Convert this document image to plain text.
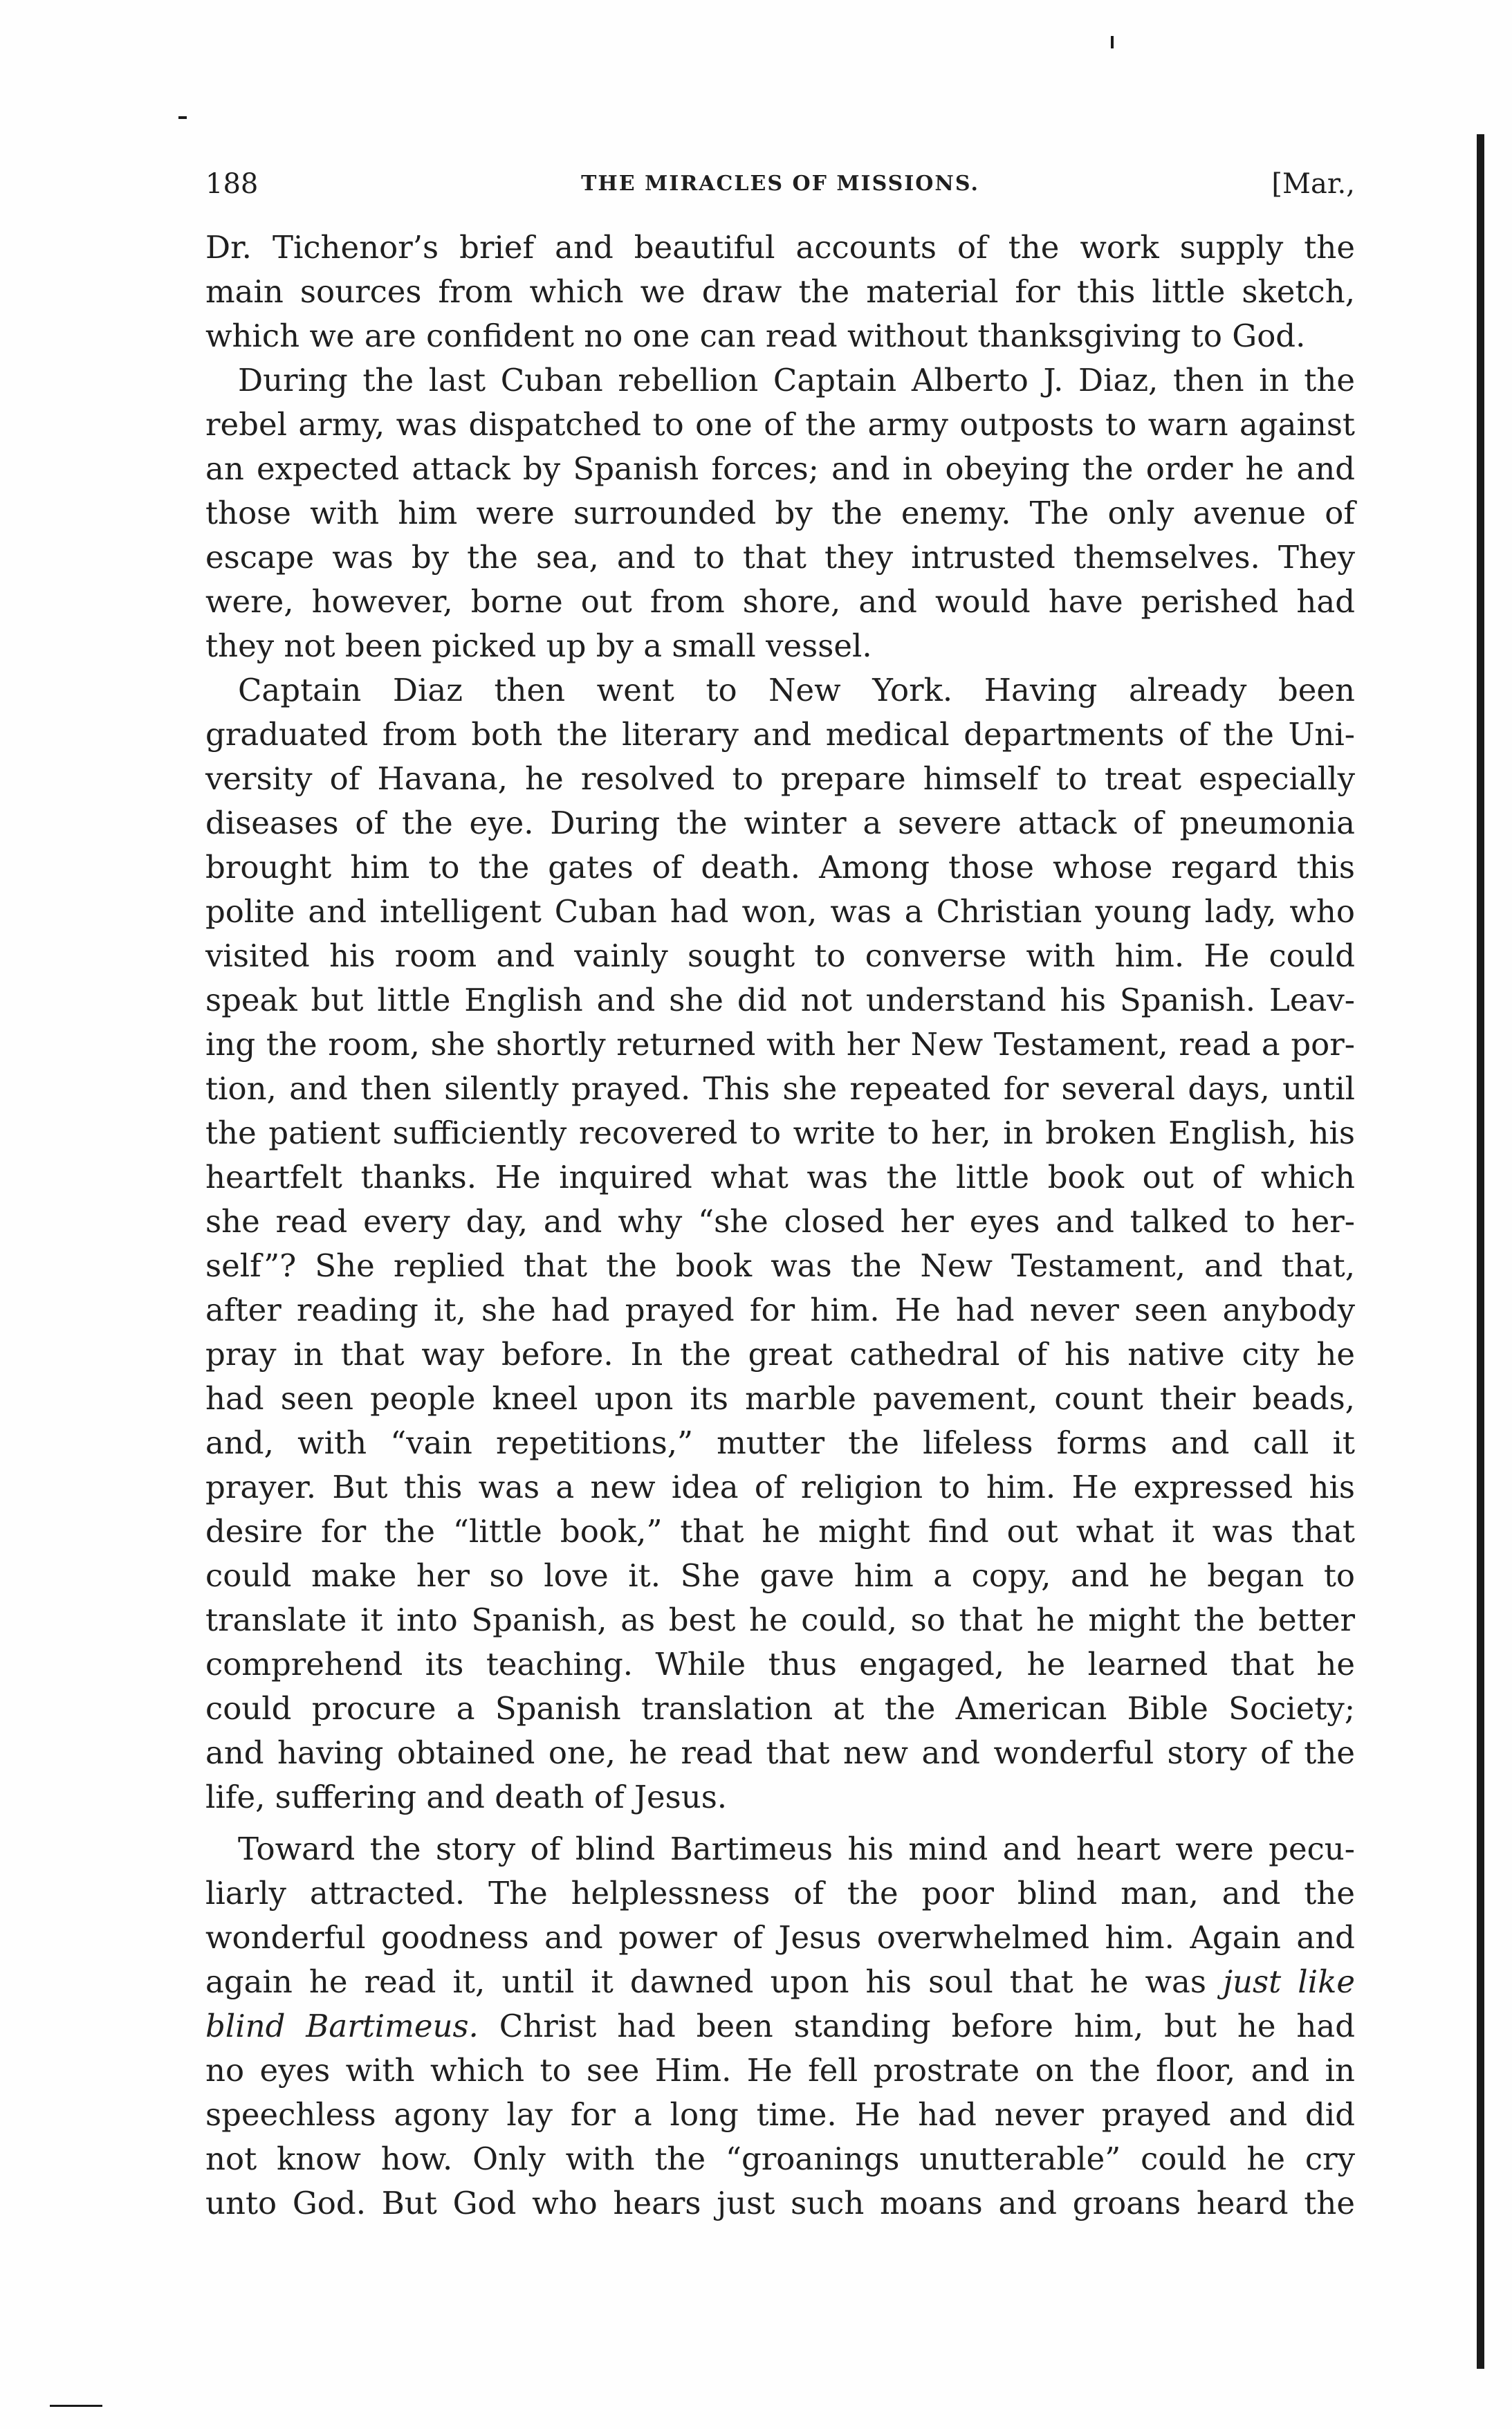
188	THE MIRACLES OF MISSIONS.	[Mar.,
Dr. Tichenor’s brief and beautiful accounts of the work supply the
main sources from which we draw the material for this little sketch,
which we are confident no one can read without thanksgiving to God.
During the last Cuban rebellion Captain Alberto J. Diaz, then in the
rebel army, was dispatched to one of the army outposts to warn against
an expected attack by Spanish forces; and in obeying the order he and
those with him were surrounded by the enemy. The only avenue of
escape was by the sea, and to that they intrusted themselves. They
were, however, borne out from shore, and would have perished had
they not been picked up by a small vessel.
Captain Diaz then went to New York. Having already been
graduated from both the literary and medical departments of the Uni-
versity of Havana, he resolved to prepare himself to treat especially
diseases of the eye. During the winter a severe attack of pneumonia
brought him to the gates of death. Among those whose regard this
polite and intelligent Cuban had won, was a Christian young lady, who
visited his room and vainly sought to converse with him. He could
speak but little English and she did not understand his Spanish. Leav-
ing the room, she shortly returned with her New Testament, read a por-
tion, and then silently prayed. This she repeated for several days, until
the patient sufficiently recovered to write to her, in broken English, his
heartfelt thanks. He inquired what was the little book out of which
she read every day, and why “she closed her eyes and talked to her-
self”? She replied that the book was the New Testament, and that,
after reading it, she had prayed for him. He had never seen anybody
pray in that way before. In the great cathedral of his native city he
had seen people kneel upon its marble pavement, count their beads,
and, with “vain repetitions,” mutter the lifeless forms and call it
prayer. But this was a new idea of religion to him. He expressed his
desire for the “little book,” that he might find out what it was that
could make her so love it. She gave him a copy, and he began to
translate it into Spanish, as best he could, so that he might the better
comprehend its teaching. While thus engaged, he learned that he
could procure a Spanish translation at the American Bible Society;
and having obtained one, he read that new and wonderful story of the
life, suffering and death of Jesus.
Toward the story of blind Bartimeus his mind and heart were pecu-
liarly attracted. The helplessness of the poor blind man, and the
wonderful goodness and power of Jesus overwhelmed him. Again and
again he read it, until it dawned upon his soul that he was just like
blind Bartimeus. Christ had been standing before him, but he had
no eyes with which to see Him. He fell prostrate on the floor, and in
speechless agony lay for a long time. He had never prayed and did
not know how. Only with the “groanings unutterable” could he cry
unto God. But God who hears just such moans and groans heard the
